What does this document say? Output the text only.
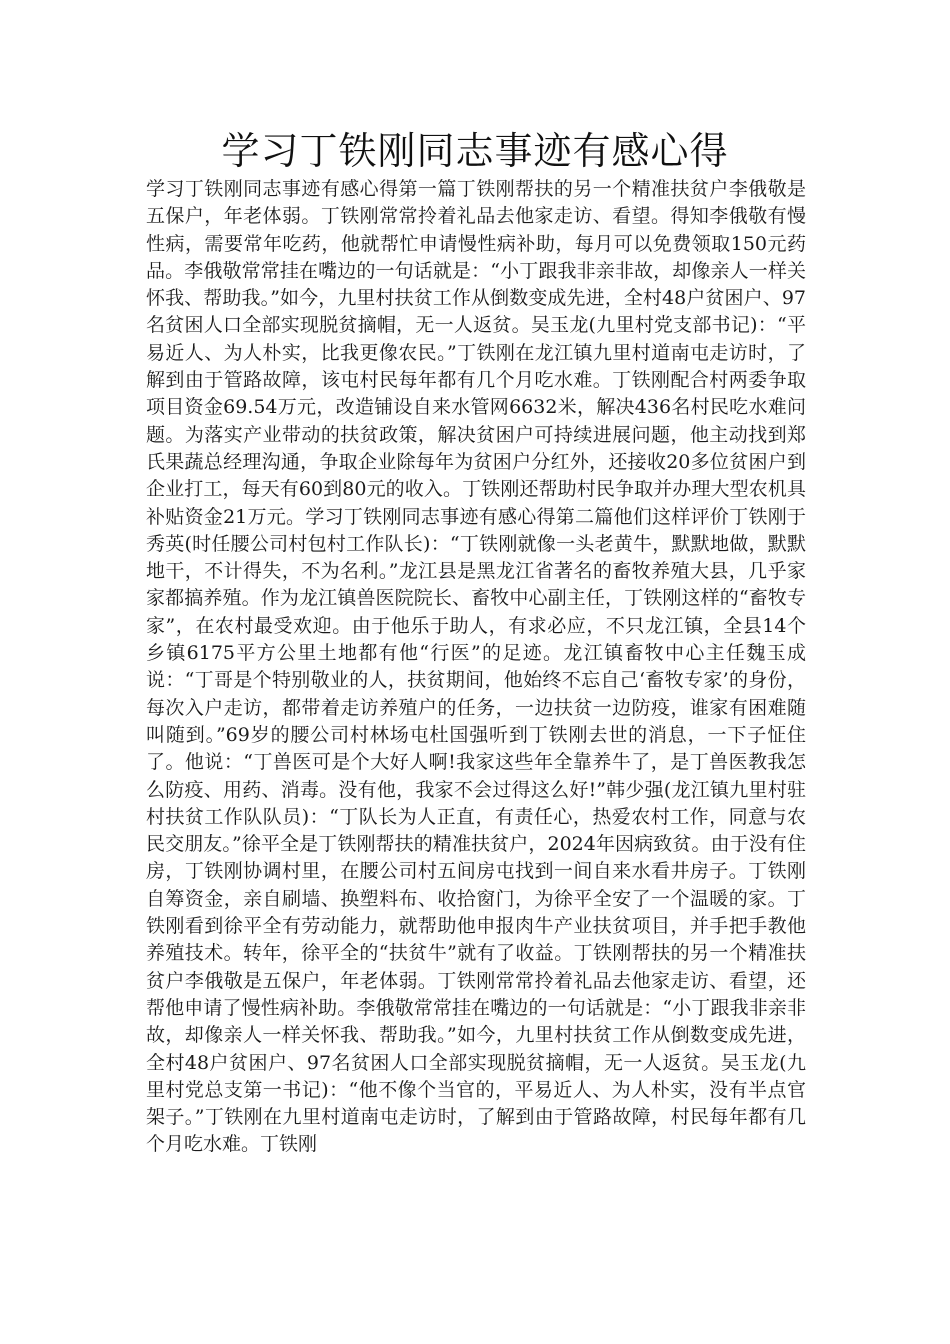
学习丁铁刚同志事迹有感心得

学习丁铁刚同志事迹有感心得第一篇丁铁刚帮扶的另一个精准扶贫户李俄敬是五保户，年老体弱。丁铁刚常常拎着礼品去他家走访、看望。得知李俄敬有慢性病，需要常年吃药，他就帮忙申请慢性病补助，每月可以免费领取150元药品。李俄敬常常挂在嘴边的一句话就是：“小丁跟我非亲非故，却像亲人一样关怀我、帮助我。”如今，九里村扶贫工作从倒数变成先进，全村48户贫困户、97名贫困人口全部实现脱贫摘帽，无一人返贫。吴玉龙(九里村党支部书记)：“平易近人、为人朴实，比我更像农民。”丁铁刚在龙江镇九里村道南屯走访时，了解到由于管路故障，该屯村民每年都有几个月吃水难。丁铁刚配合村两委争取项目资金69.54万元，改造铺设自来水管网6632米，解决436名村民吃水难问题。为落实产业带动的扶贫政策，解决贫困户可持续进展问题，他主动找到郑氏果蔬总经理沟通，争取企业除每年为贫困户分红外，还接收20多位贫困户到企业打工，每天有60到80元的收入。丁铁刚还帮助村民争取并办理大型农机具补贴资金21万元。学习丁铁刚同志事迹有感心得第二篇他们这样评价丁铁刚于秀英(时任腰公司村包村工作队长)：“丁铁刚就像一头老黄牛，默默地做，默默地干，不计得失，不为名利。”龙江县是黑龙江省著名的畜牧养殖大县，几乎家家都搞养殖。作为龙江镇兽医院院长、畜牧中心副主任，丁铁刚这样的“畜牧专家”，在农村最受欢迎。由于他乐于助人，有求必应，不只龙江镇，全县14个乡镇6175平方公里土地都有他“行医”的足迹。龙江镇畜牧中心主任魏玉成说：“丁哥是个特别敬业的人，扶贫期间，他始终不忘自己‘畜牧专家’的身份，每次入户走访，都带着走访养殖户的任务，一边扶贫一边防疫，谁家有困难随叫随到。”69岁的腰公司村林场屯杜国强听到丁铁刚去世的消息，一下子怔住了。他说：“丁兽医可是个大好人啊!我家这些年全靠养牛了，是丁兽医教我怎么防疫、用药、消毒。没有他，我家不会过得这么好!”韩少强(龙江镇九里村驻村扶贫工作队队员)：“丁队长为人正直，有责任心，热爱农村工作，同意与农民交朋友。”徐平全是丁铁刚帮扶的精准扶贫户，2024年因病致贫。由于没有住房，丁铁刚协调村里，在腰公司村五间房屯找到一间自来水看井房子。丁铁刚自筹资金，亲自刷墙、换塑料布、收拾窗门，为徐平全安了一个温暖的家。丁铁刚看到徐平全有劳动能力，就帮助他申报肉牛产业扶贫项目，并手把手教他养殖技术。转年，徐平全的“扶贫牛”就有了收益。丁铁刚帮扶的另一个精准扶贫户李俄敬是五保户，年老体弱。丁铁刚常常拎着礼品去他家走访、看望，还帮他申请了慢性病补助。李俄敬常常挂在嘴边的一句话就是：“小丁跟我非亲非故，却像亲人一样关怀我、帮助我。”如今，九里村扶贫工作从倒数变成先进，全村48户贫困户、97名贫困人口全部实现脱贫摘帽，无一人返贫。吴玉龙(九里村党总支第一书记)：“他不像个当官的，平易近人、为人朴实，没有半点官架子。”丁铁刚在九里村道南屯走访时，了解到由于管路故障，村民每年都有几个月吃水难。丁铁刚
